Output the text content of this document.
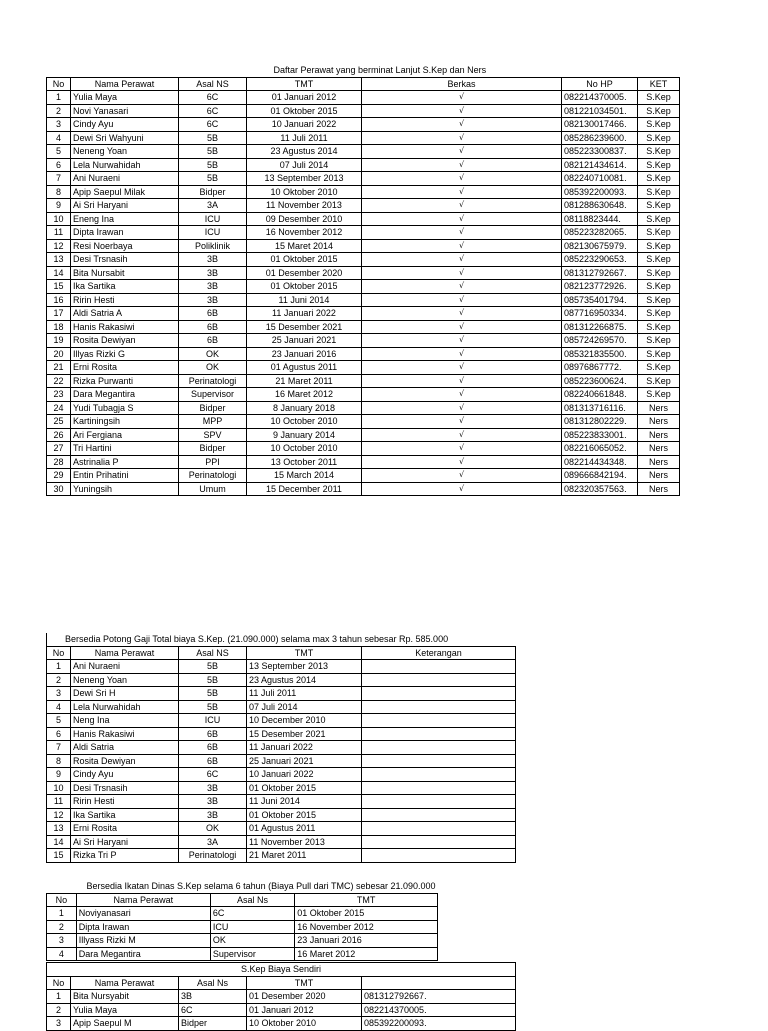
		Daftar Perawat yang berminat Lanjut S.Kep dan Ners				
No	Nama Perawat	Asal NS	TMT	Berkas	No HP	KET
1	Yulia Maya	6C	01 Januari 2012	√	082214370005.	S.Kep
2	Novi Yanasari	6C	01 Oktober 2015	√	081221034501.	S.Kep
3	Cindy Ayu	6C	10 Januari 2022	√	082130017466.	S.Kep
4	Dewi Sri Wahyuni	5B	11 Juli 2011	√	085286239600.	S.Kep
5	Neneng Yoan	5B	23 Agustus 2014	√	085223300837.	S.Kep
6	Lela Nurwahidah	5B	07 Juli 2014	√	082121434614.	S.Kep
7	Ani Nuraeni	5B	13 September 2013	√	082240710081.	S.Kep
8	Apip Saepul Milak	Bidper	10 Oktober 2010	√	085392200093.	S.Kep
9	Ai Sri Haryani	3A	11 November 2013	√	081288630648.	S.Kep
10	Eneng Ina	ICU	09 Desember 2010	√	08118823444.	S.Kep
11	Dipta Irawan	ICU	16 November 2012	√	085223282065.	S.Kep
12	Resi Noerbaya	Poliklinik	15 Maret 2014	√	082130675979.	S.Kep
13	Desi Trsnasih	3B	01 Oktober 2015	√	085223290653.	S.Kep
14	Bita Nursabit	3B	01 Desember 2020	√	081312792667.	S.Kep
15	Ika Sartika	3B	01 Oktober 2015	√	082123772926.	S.Kep
16	Ririn Hesti	3B	11 Juni 2014	√	085735401794.	S.Kep
17	Aldi Satria A	6B	11 Januari 2022	√	087716950334.	S.Kep
18	Hanis Rakasiwi	6B	15 Desember 2021	√	081312266875.	S.Kep
19	Rosita Dewiyan	6B	25 Januari 2021	√	085724269570.	S.Kep
20	Illyas Rizki G	OK	23 Januari 2016	√	085321835500.	S.Kep
21	Erni Rosita	OK	01 Agustus 2011	√	08976867772.	S.Kep
22	Rizka Purwanti	Perinatologi	21 Maret 2011	√	085223600624.	S.Kep
23	Dara Megantira	Supervisor	16 Maret 2012	√	082240661848.	S.Kep
24	Yudi Tubagja S	Bidper	8 January 2018	√	081313716116.	Ners
25	Kartiningsih	MPP	10 October 2010	√	081312802229.	Ners
26	Ari Fergiana	SPV	9 January 2014	√	085223833001.	Ners
27	Tri Hartini	Bidper	10 October 2010	√	082216065052.	Ners
28	Astrinalia P	PPI	13 October 2011	√	082214434348.	Ners
29	Entin Prihatini	Perinatologi	15 March 2014	√	089666842194.	Ners
30	Yuningsih	Umum	15 December 2011	√	082320357563.	Ners
Bersedia Potong Gaji Total biaya S.Kep. (21.090.000) selama max 3 tahun sebesar Rp. 585.000				
No	Nama Perawat	Asal NS	TMT	Keterangan
1	Ani Nuraeni	5B	13 September 2013	
2	Neneng Yoan	5B	23 Agustus 2014	
3	Dewi Sri H	5B	11 Juli 2011	
4	Lela Nurwahidah	5B	07 Juli 2014	
5	Neng Ina	ICU	10 December 2010	
6	Hanis Rakasiwi	6B	15 Desember 2021	
7	Aldi Satria	6B	11 Januari 2022	
8	Rosita Dewiyan	6B	25 Januari 2021	
9	Cindy Ayu	6C	10 Januari 2022	
10	Desi Trsnasih	3B	01 Oktober 2015	
11	Ririn Hesti	3B	11 Juni 2014	
12	Ika Sartika	3B	01 Oktober 2015	
13	Erni Rosita	OK	01 Agustus 2011	
14	Ai Sri Haryani	3A	11 November 2013	
15	Rizka Tri P	Perinatologi	21 Maret 2011	
Bersedia Ikatan Dinas S.Kep selama 6 tahun (Biaya Pull dari TMC) sebesar 21.090.000			
No	Nama Perawat	Asal Ns	TMT
1	Noviyanasari	6C	01 Oktober 2015
2	Dipta Irawan	ICU	16 November 2012
3	Illyass Rizki M	OK	23 Januari 2016
4	Dara Megantira	Supervisor	16 Maret 2012
S.Kep Biaya Sendiri				
No	Nama Perawat	Asal Ns	TMT	
1	Bita Nursyabit	3B	01 Desember 2020	081312792667.
2	Yulia Maya	6C	01 Januari 2012	082214370005.
3	Apip Saepul M	Bidper	10 Oktober 2010	085392200093.
